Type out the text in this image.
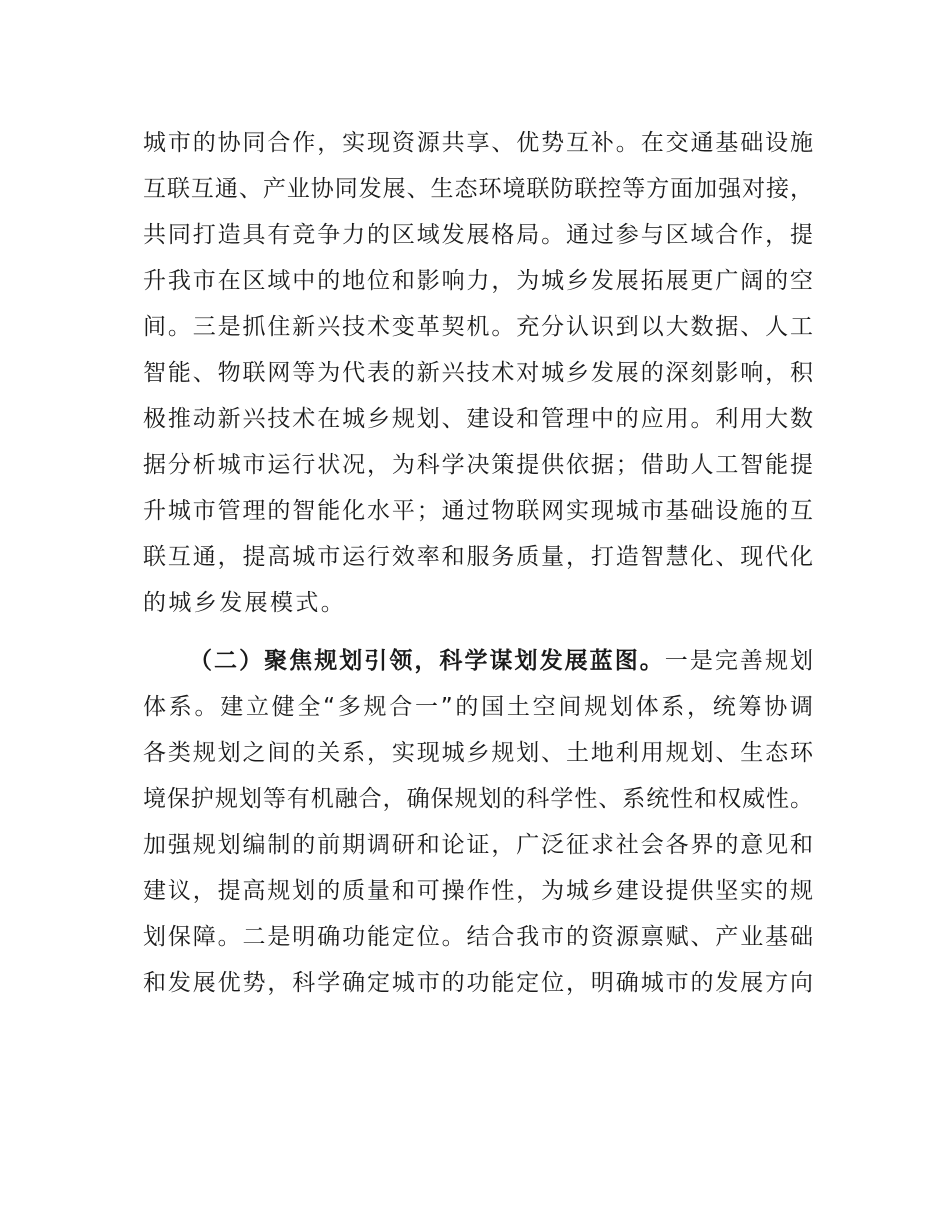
城市的协同合作，实现资源共享、优势互补。在交通基础设施
互联互通、产业协同发展、生态环境联防联控等方面加强对接，
共同打造具有竞争力的区域发展格局。通过参与区域合作，提
升我市在区域中的地位和影响力，为城乡发展拓展更广阔的空
间。三是抓住新兴技术变革契机。充分认识到以大数据、人工
智能、物联网等为代表的新兴技术对城乡发展的深刻影响，积
极推动新兴技术在城乡规划、建设和管理中的应用。利用大数
据分析城市运行状况，为科学决策提供依据；借助人工智能提
升城市管理的智能化水平；通过物联网实现城市基础设施的互
联互通，提高城市运行效率和服务质量，打造智慧化、现代化
的城乡发展模式。
（二）聚焦规划引领，科学谋划发展蓝图。一是完善规划
体系。建立健全“多规合一”的国土空间规划体系，统筹协调
各类规划之间的关系，实现城乡规划、土地利用规划、生态环
境保护规划等有机融合，确保规划的科学性、系统性和权威性。
加强规划编制的前期调研和论证，广泛征求社会各界的意见和
建议，提高规划的质量和可操作性，为城乡建设提供坚实的规
划保障。二是明确功能定位。结合我市的资源禀赋、产业基础
和发展优势，科学确定城市的功能定位，明确城市的发展方向
